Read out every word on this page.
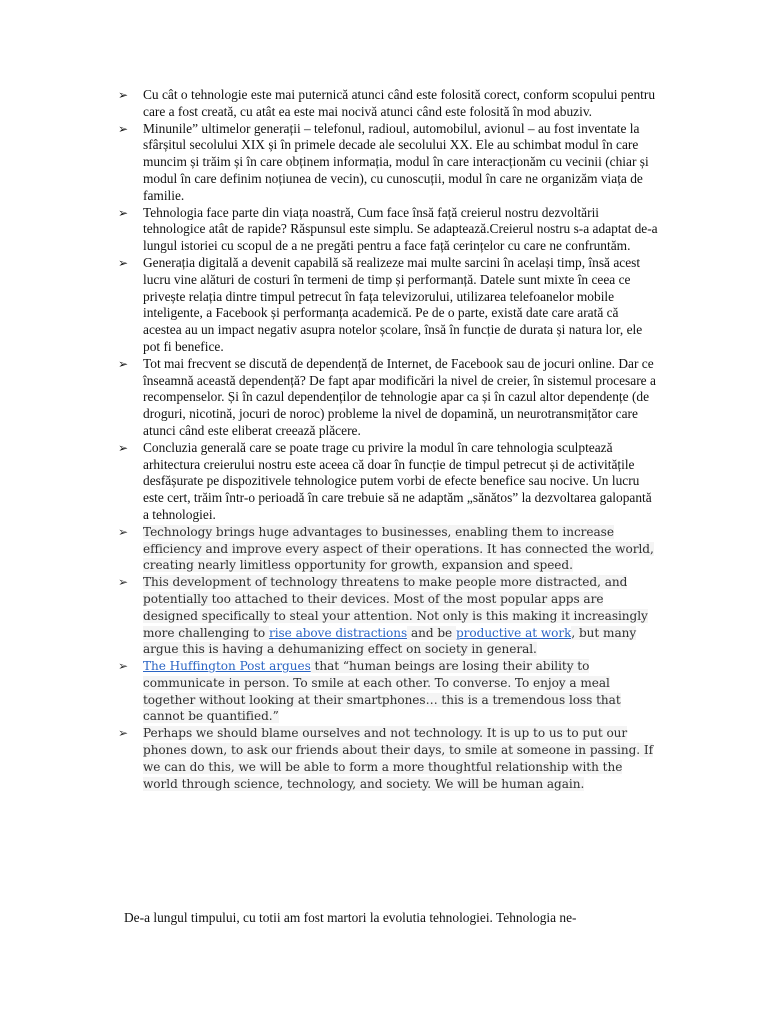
➢ Cu cât o tehnologie este mai puternică atunci când este folosită corect, conform scopului pentru care a fost creată, cu atât ea este mai nocivă atunci când este folosită în mod abuziv.
➢ Minunile” ultimelor generații – telefonul, radioul, automobilul, avionul – au fost inventate la sfârșitul secolului XIX și în primele decade ale secolului XX. Ele au schimbat modul în care muncim și trăim și în care obținem informația, modul în care interacționăm cu vecinii (chiar și modul în care definim noțiunea de vecin), cu cunoscuții, modul în care ne organizăm viața de familie.
➢ Tehnologia face parte din viața noastră, Cum face însă față creierul nostru dezvoltării tehnologice atât de rapide? Răspunsul este simplu. Se adaptează.Creierul nostru s-a adaptat de-a lungul istoriei cu scopul de a ne pregăti pentru a face față cerințelor cu care ne confruntăm.
➢ Generația digitală a devenit capabilă să realizeze mai multe sarcini în același timp, însă acest lucru vine alături de costuri în termeni de timp și performanță. Datele sunt mixte în ceea ce privește relația dintre timpul petrecut în fața televizorului, utilizarea telefoanelor mobile inteligente, a Facebook și performanța academică. Pe de o parte, există date care arată că acestea au un impact negativ asupra notelor școlare, însă în funcție de durata și natura lor, ele pot fi benefice.
➢ Tot mai frecvent se discută de dependență de Internet, de Facebook sau de jocuri online. Dar ce înseamnă această dependență? De fapt apar modificări la nivel de creier, în sistemul procesare a recompenselor. Și în cazul dependenților de tehnologie apar ca și în cazul altor dependențe (de droguri, nicotină, jocuri de noroc) probleme la nivel de dopamină, un neurotransmițător care atunci când este eliberat creează plăcere.
➢ Concluzia generală care se poate trage cu privire la modul în care tehnologia sculptează arhitectura creierului nostru este aceea că doar în funcție de timpul petrecut și de activitățile desfășurate pe dispozitivele tehnologice putem vorbi de efecte benefice sau nocive. Un lucru este cert, trăim într-o perioadă în care trebuie să ne adaptăm „sănătos” la dezvoltarea galopantă a tehnologiei.
➢ Technology brings huge advantages to businesses, enabling them to increase efficiency and improve every aspect of their operations. It has connected the world, creating nearly limitless opportunity for growth, expansion and speed.
➢ This development of technology threatens to make people more distracted, and potentially too attached to their devices. Most of the most popular apps are designed specifically to steal your attention. Not only is this making it increasingly more challenging to rise above distractions and be productive at work, but many argue this is having a dehumanizing effect on society in general.
➢ The Huffington Post argues that “human beings are losing their ability to communicate in person. To smile at each other. To converse. To enjoy a meal together without looking at their smartphones… this is a tremendous loss that cannot be quantified.”
➢ Perhaps we should blame ourselves and not technology. It is up to us to put our phones down, to ask our friends about their days, to smile at someone in passing. If we can do this, we will be able to form a more thoughtful relationship with the world through science, technology, and society. We will be human again.
De-a lungul timpului, cu totii am fost martori la evolutia tehnologiei. Tehnologia ne-
